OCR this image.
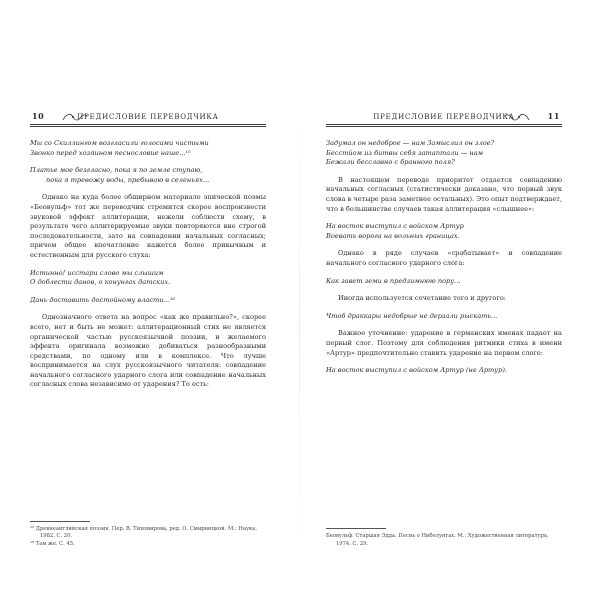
10	ПРЕДИСЛОВИЕ ПЕРЕВОДЧИКА
Мы со Скиллингом возгласили голосами чистыми
Звонко перед хозяином песнословие наше...¹⁵
Платье мое безгласно, пока я по земле ступаю,
пока я тревожу воды, пребываю в селеньях...

Однако на куда более обширном материале эпической поэмы «Беовульф» тот же переводчик стремится скорее воспроизвести звуковой эффект аллитерации, нежели соблюсти схему, в результате чего аллитерируемые звуки повторяются вне строгой последовательности, зато на совпадении начальных согласных; причем общее впечатление кажется более привычным и естественным для русского слуха:

Истинно! исстари слово мы слышим
О доблести данов, о конунгах датских.
Дань доставить достойному власти...¹⁶

Однозначного ответа на вопрос «как же правильно?», скорее всего, нет и быть не может: аллитерационный стих не является органической частью русскоязычной поэзии, и желаемого эффекта оригинала возможно добиваться разнообразными средствами, по одному или в комплексе. Что лучше воспринимается на слух русскоязычного читателя: совпадение начального согласного ударного слога или совпадение начальных согласных слова независимо от ударения? То есть:

¹⁵ Древнеанглийская поэзия. Пер. В. Тихомирова, ред. О. Смирницкой. М.: Наука, 1982. С. 20.
¹⁶ Там же. С. 45.
ПРЕДИСЛОВИЕ ПЕРЕВОДЧИКА	11
Задумал он недоброе — нам Замыслил он злое?
Бесстйом из битвы себя затаптали — нам
Бежали бесславно с бранного поля?

В настоящем переводе приоритет отдается совпадению начальных согласных (статистически доказано, что первый звук слова в четыре раза заметнее остальных). Это опыт подтверждает, что в большинстве случаев такая аллитерация «слышнее»:

На восток выступил с войском Артур
Воевать ворога на вольных границах.

Однако в ряде случаев «срабатывает» и совпадение начального согласного ударного слога:

Как завет земи в предзимнюю пору...

Иногда используется сочетание того и другого:

Чтоб драккары недобрые не дерзали рыскать...

Важное уточнение: ударение в германских именах падает на первый слог. Поэтому для соблюдения ритмики стиха в имени «Артур» предпочтительно ставить ударение на первом слоге:

На восток выступил с войском Артур (не Артур).
Беовульф. Старшая Эдда. Песнь о Нибелунгах. М.: Художественная литература, 1974. С. 29.
